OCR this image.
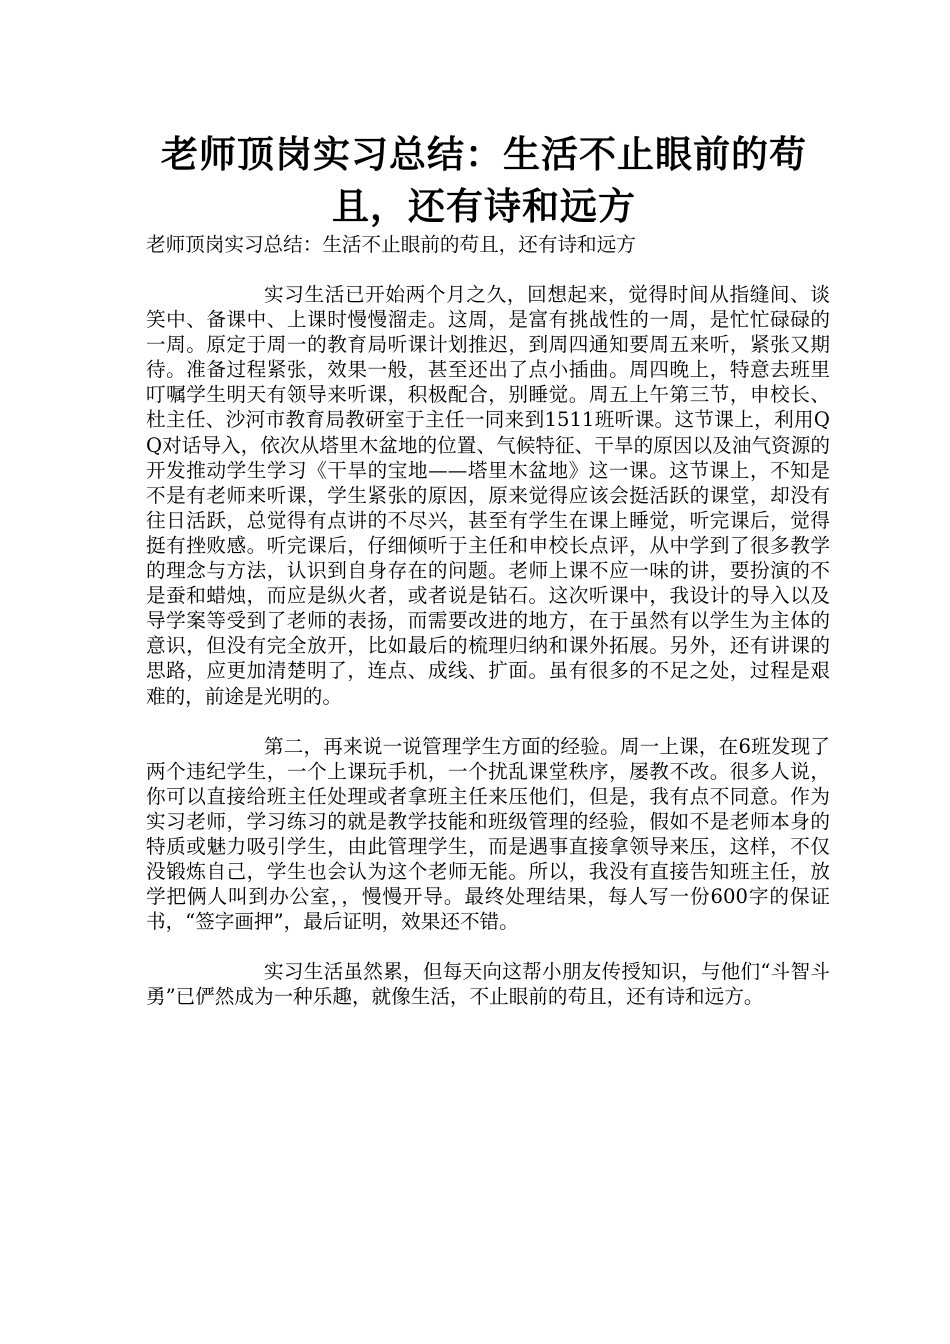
老师顶岗实习总结：生活不止眼前的苟且，还有诗和远方

老师顶岗实习总结：生活不止眼前的苟且，还有诗和远方

实习生活已开始两个月之久，回想起来，觉得时间从指缝间、谈笑中、备课中、上课时慢慢溜走。这周，是富有挑战性的一周，是忙忙碌碌的一周。原定于周一的教育局听课计划推迟，到周四通知要周五来听，紧张又期待。准备过程紧张，效果一般，甚至还出了点小插曲。周四晚上，特意去班里叮嘱学生明天有领导来听课，积极配合，别睡觉。周五上午第三节，申校长、杜主任、沙河市教育局教研室于主任一同来到1511班听课。这节课上，利用QQ对话导入，依次从塔里木盆地的位置、气候特征、干旱的原因以及油气资源的开发推动学生学习《干旱的宝地——塔里木盆地》这一课。这节课上，不知是不是有老师来听课，学生紧张的原因，原来觉得应该会挺活跃的课堂，却没有往日活跃，总觉得有点讲的不尽兴，甚至有学生在课上睡觉，听完课后，觉得挺有挫败感。听完课后，仔细倾听于主任和申校长点评，从中学到了很多教学的理念与方法，认识到自身存在的问题。老师上课不应一味的讲，要扮演的不是蚕和蜡烛，而应是纵火者，或者说是钻石。这次听课中，我设计的导入以及导学案等受到了老师的表扬，而需要改进的地方，在于虽然有以学生为主体的意识，但没有完全放开，比如最后的梳理归纳和课外拓展。另外，还有讲课的思路，应更加清楚明了，连点、成线、扩面。虽有很多的不足之处，过程是艰难的，前途是光明的。

第二，再来说一说管理学生方面的经验。周一上课，在6班发现了两个违纪学生，一个上课玩手机，一个扰乱课堂秩序，屡教不改。很多人说，你可以直接给班主任处理或者拿班主任来压他们，但是，我有点不同意。作为实习老师，学习练习的就是教学技能和班级管理的经验，假如不是老师本身的特质或魅力吸引学生，由此管理学生，而是遇事直接拿领导来压，这样，不仅没锻炼自己，学生也会认为这个老师无能。所以，我没有直接告知班主任，放学把俩人叫到办公室，，慢慢开导。最终处理结果，每人写一份600字的保证书，“签字画押”，最后证明，效果还不错。

实习生活虽然累，但每天向这帮小朋友传授知识，与他们“斗智斗勇”已俨然成为一种乐趣，就像生活，不止眼前的苟且，还有诗和远方。
